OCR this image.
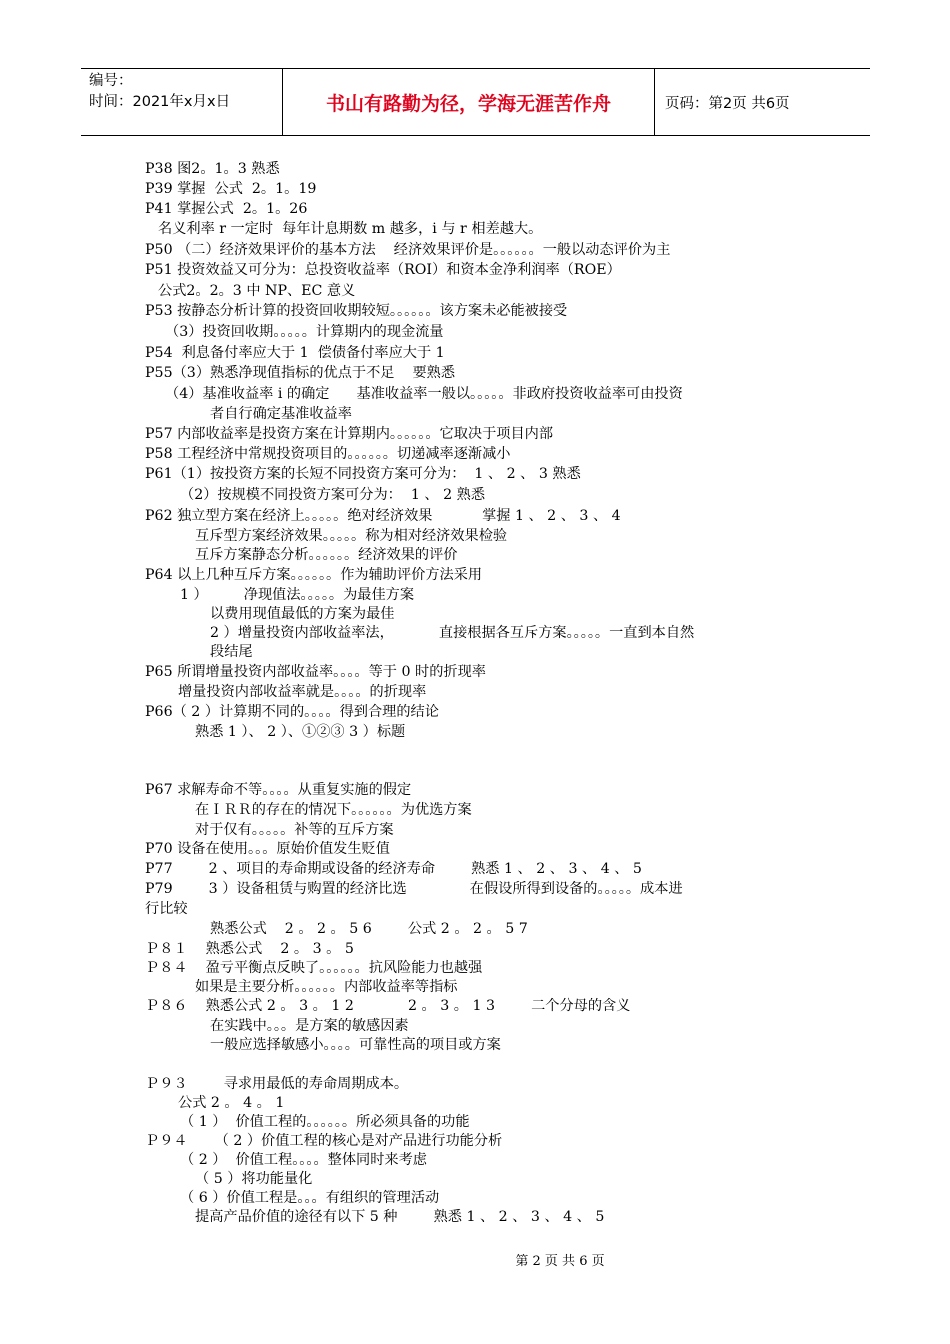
编号：
时间：2021年x月x日	书山有路勤为径，学海无涯苦作舟	页码：第2页 共6页
P38 图2。1。3 熟悉
P39 掌握  公式  2。1。19
P41 掌握公式  2。1。26
名义利率 r 一定时  每年计息期数 m 越多，i 与 r 相差越大。
P50 （二）经济效果评价的基本方法    经济效果评价是。。。。。。一般以动态评价为主
P51 投资效益又可分为：总投资收益率（ROI）和资本金净利润率（ROE）
公式2。2。3 中 NP、EC 意义
P53 按静态分析计算的投资回收期较短。。。。。。该方案未必能被接受
（3）投资回收期。。。。。计算期内的现金流量
P54  利息备付率应大于 1  偿债备付率应大于 1
P55（3）熟悉净现值指标的优点于不足    要熟悉
（4）基准收益率 i 的确定      基准收益率一般以。。。。。非政府投资收益率可由投资
者自行确定基准收益率
P57 内部收益率是投资方案在计算期内。。。。。。它取决于项目内部
P58 工程经济中常规投资项目的。。。。。。切递减率逐渐减小
P61（1）按投资方案的长短不同投资方案可分为：  1 、 2 、 3 熟悉
（2）按规模不同投资方案可分为：  1 、 2 熟悉
P62 独立型方案在经济上。。。。。绝对经济效果           掌握 1 、 2 、 3 、 4
互斥型方案经济效果。。。。。称为相对经济效果检验
互斥方案静态分析。。。。。。经济效果的评价
P64 以上几种互斥方案。。。。。。作为辅助评价方法采用
1 ）        净现值法。。。。。为最佳方案
以费用现值最低的方案为最佳
2 ）增量投资内部收益率法，          直接根据各互斥方案。。。。。一直到本自然
段结尾
P65 所谓增量投资内部收益率。。。。等于 0 时的折现率
增量投资内部收益率就是。。。。的折现率
P66（ 2 ）计算期不同的。。。。得到合理的结论
熟悉 1 ）、 2 ）、①②③ 3 ）标题
P67 求解寿命不等。。。。从重复实施的假定
在ＩＲＲ的存在的情况下。。。。。。为优选方案
对于仅有。。。。。补等的互斥方案
P70 设备在使用。。。原始价值发生贬值
P77        2 、项目的寿命期或设备的经济寿命        熟悉 1 、 2 、 3 、 4 、 5
P79        3 ）设备租赁与购置的经济比选              在假设所得到设备的。。。。。成本进
行比较
熟悉公式    2 。 2 。 5 6        公式 2 。 2 。 5 7
Ｐ８１    熟悉公式    2 。 3 。 5
Ｐ８４    盈亏平衡点反映了。。。。。。抗风险能力也越强
如果是主要分析。。。。。。内部收益率等指标
Ｐ８６    熟悉公式 2 。 3 。 1 2            2 。 3 。 1 3        二个分母的含义
在实践中。。。是方案的敏感因素
一般应选择敏感小。。。。可靠性高的项目或方案
Ｐ９３        寻求用最低的寿命周期成本。
公式 2 。 4 。 1
（ 1 ）  价值工程的。。。。。。所必须具备的功能
Ｐ９４      （ 2 ）价值工程的核心是对产品进行功能分析
（ 2 ）  价值工程。。。。整体同时来考虑
（ 5 ）将功能量化
（ 6 ）价值工程是。。。有组织的管理活动
提高产品价值的途径有以下 5 种        熟悉 1 、 2 、 3 、 4 、 5
第 2 页 共 6 页
